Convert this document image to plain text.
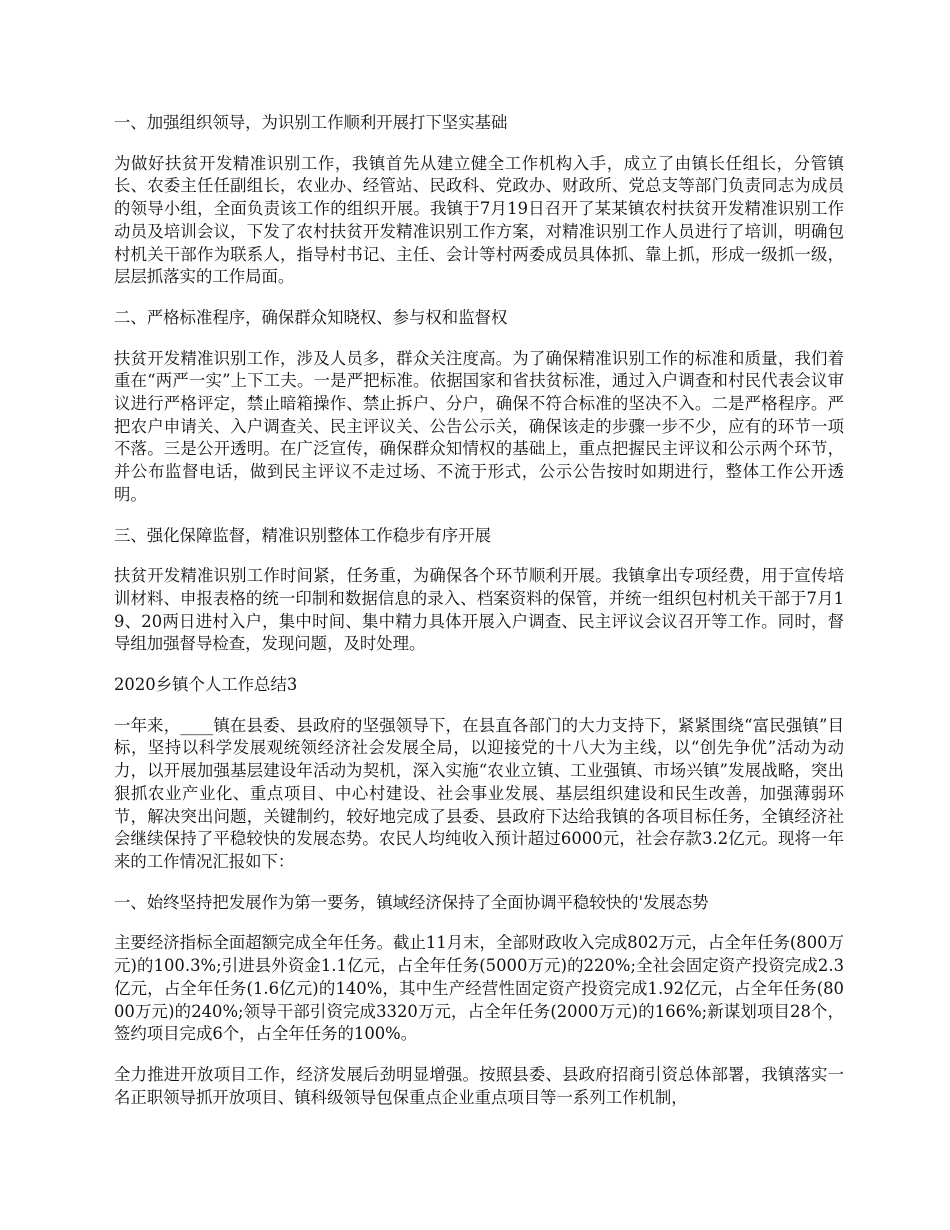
一、加强组织领导，为识别工作顺利开展打下坚实基础

为做好扶贫开发精准识别工作，我镇首先从建立健全工作机构入手，成立了由镇长任组长，分管镇长、农委主任任副组长，农业办、经管站、民政科、党政办、财政所、党总支等部门负责同志为成员的领导小组，全面负责该工作的组织开展。我镇于7月19日召开了某某镇农村扶贫开发精准识别工作动员及培训会议，下发了农村扶贫开发精准识别工作方案，对精准识别工作人员进行了培训，明确包村机关干部作为联系人，指导村书记、主任、会计等村两委成员具体抓、靠上抓，形成一级抓一级，层层抓落实的工作局面。

二、严格标准程序，确保群众知晓权、参与权和监督权

扶贫开发精准识别工作，涉及人员多，群众关注度高。为了确保精准识别工作的标准和质量，我们着重在“两严一实”上下工夫。一是严把标准。依据国家和省扶贫标准，通过入户调查和村民代表会议审议进行严格评定，禁止暗箱操作、禁止拆户、分户，确保不符合标准的坚决不入。二是严格程序。严把农户申请关、入户调查关、民主评议关、公告公示关，确保该走的步骤一步不少，应有的环节一项不落。三是公开透明。在广泛宣传，确保群众知情权的基础上，重点把握民主评议和公示两个环节，并公布监督电话，做到民主评议不走过场、不流于形式，公示公告按时如期进行，整体工作公开透明。

三、强化保障监督，精准识别整体工作稳步有序开展

扶贫开发精准识别工作时间紧，任务重，为确保各个环节顺利开展。我镇拿出专项经费，用于宣传培训材料、申报表格的统一印制和数据信息的录入、档案资料的保管，并统一组织包村机关干部于7月19、20两日进村入户，集中时间、集中精力具体开展入户调查、民主评议会议召开等工作。同时，督导组加强督导检查，发现问题，及时处理。

2020乡镇个人工作总结3

一年来，____镇在县委、县政府的坚强领导下，在县直各部门的大力支持下，紧紧围绕“富民强镇”目标，坚持以科学发展观统领经济社会发展全局，以迎接党的十八大为主线，以“创先争优”活动为动力，以开展加强基层建设年活动为契机，深入实施“农业立镇、工业强镇、市场兴镇”发展战略，突出狠抓农业产业化、重点项目、中心村建设、社会事业发展、基层组织建设和民生改善，加强薄弱环节，解决突出问题，关键制约，较好地完成了县委、县政府下达给我镇的各项目标任务，全镇经济社会继续保持了平稳较快的发展态势。农民人均纯收入预计超过6000元，社会存款3.2亿元。现将一年来的工作情况汇报如下：

一、始终坚持把发展作为第一要务，镇域经济保持了全面协调平稳较快的'发展态势

主要经济指标全面超额完成全年任务。截止11月末，全部财政收入完成802万元，占全年任务(800万元)的100.3%;引进县外资金1.1亿元，占全年任务(5000万元)的220%;全社会固定资产投资完成2.3亿元，占全年任务(1.6亿元)的140%，其中生产经营性固定资产投资完成1.92亿元，占全年任务(8000万元)的240%;领导干部引资完成3320万元，占全年任务(2000万元)的166%;新谋划项目28个，签约项目完成6个，占全年任务的100%。

全力推进开放项目工作，经济发展后劲明显增强。按照县委、县政府招商引资总体部署，我镇落实一名正职领导抓开放项目、镇科级领导包保重点企业重点项目等一系列工作机制，
